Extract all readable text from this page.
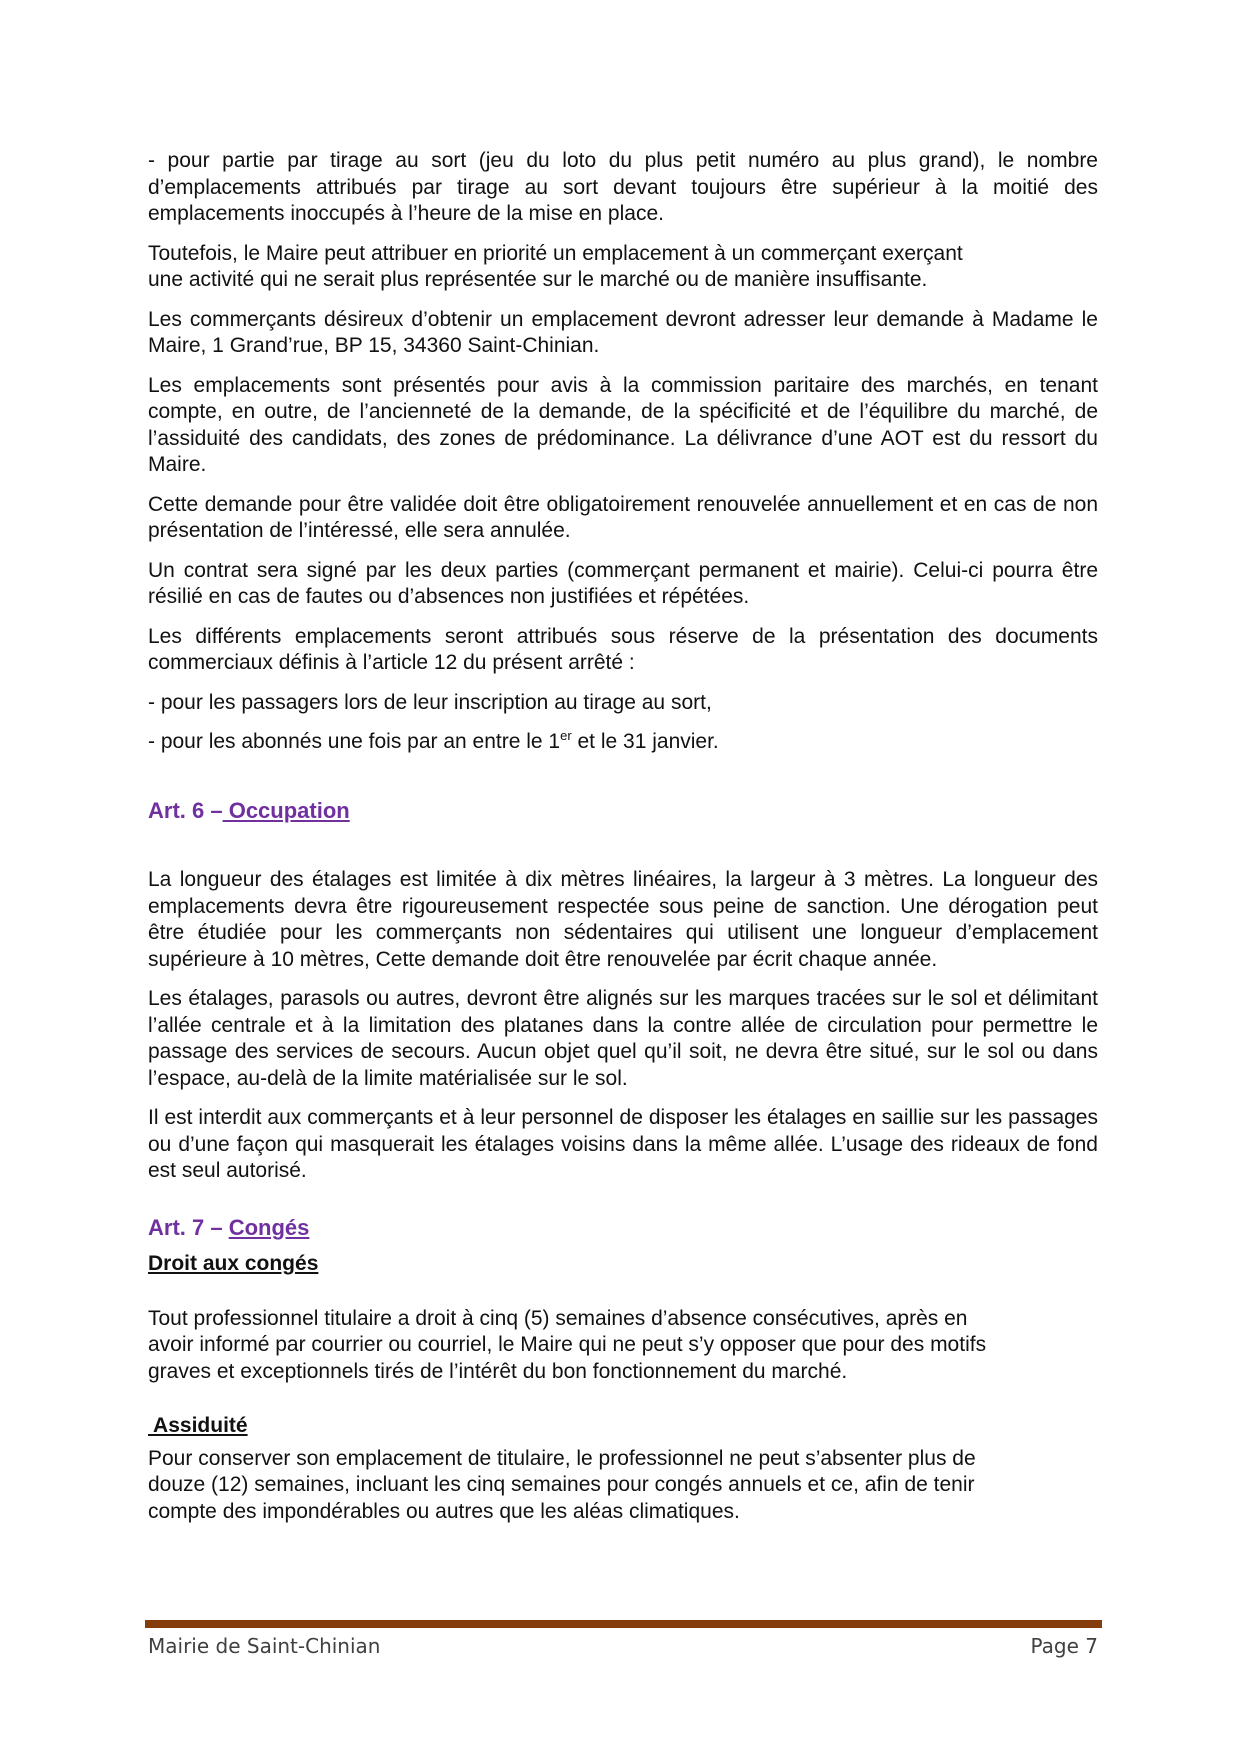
- pour partie par tirage au sort (jeu du loto du plus petit numéro au plus grand), le nombre d’emplacements attribués par tirage au sort devant toujours être supérieur à la moitié des emplacements inoccupés à l’heure de la mise en place.

Toutefois, le Maire peut attribuer en priorité un emplacement à un commerçant exerçant
une activité qui ne serait plus représentée sur le marché ou de manière insuffisante.

Les commerçants désireux d’obtenir un emplacement devront adresser leur demande à Madame le Maire, 1 Grand’rue, BP 15, 34360 Saint-Chinian.

Les emplacements sont présentés pour avis à la commission paritaire des marchés, en tenant compte, en outre, de l’ancienneté de la demande, de la spécificité et de l’équilibre du marché, de l’assiduité des candidats, des zones de prédominance. La délivrance d’une AOT est du ressort du Maire.

Cette demande pour être validée doit être obligatoirement renouvelée annuellement et en cas de non présentation de l’intéressé, elle sera annulée.

Un contrat sera signé par les deux parties (commerçant permanent et mairie). Celui-ci pourra être résilié en cas de fautes ou d’absences non justifiées et répétées.

Les différents emplacements seront attribués sous réserve de la présentation des documents commerciaux définis à l’article 12 du présent arrêté :

- pour les passagers lors de leur inscription au tirage au sort,

- pour les abonnés une fois par an entre le 1er et le 31 janvier.

Art. 6 – Occupation

La longueur des étalages est limitée à dix mètres linéaires, la largeur à 3 mètres. La longueur des emplacements devra être rigoureusement respectée sous peine de sanction. Une dérogation peut être étudiée pour les commerçants non sédentaires qui utilisent une longueur d’emplacement supérieure à 10 mètres, Cette demande doit être renouvelée par écrit chaque année.

Les étalages, parasols ou autres, devront être alignés sur les marques tracées sur le sol et délimitant l’allée centrale et à la limitation des platanes dans la contre allée de circulation pour permettre le passage des services de secours. Aucun objet quel qu’il soit, ne devra être situé, sur le sol ou dans l’espace, au-delà de la limite matérialisée sur le sol.

Il est interdit aux commerçants et à leur personnel de disposer les étalages en saillie sur les passages ou d’une façon qui masquerait les étalages voisins dans la même allée. L’usage des rideaux de fond est seul autorisé.

Art. 7 – Congés

Droit aux congés

Tout professionnel titulaire a droit à cinq (5) semaines d’absence consécutives, après en
avoir informé par courrier ou courriel, le Maire qui ne peut s’y opposer que pour des motifs
graves et exceptionnels tirés de l’intérêt du bon fonctionnement du marché.

Assiduité

Pour conserver son emplacement de titulaire, le professionnel ne peut s’absenter plus de
douze (12) semaines, incluant les cinq semaines pour congés annuels et ce, afin de tenir
compte des impondérables ou autres que les aléas climatiques.

Mairie de Saint-Chinian	Page 7
